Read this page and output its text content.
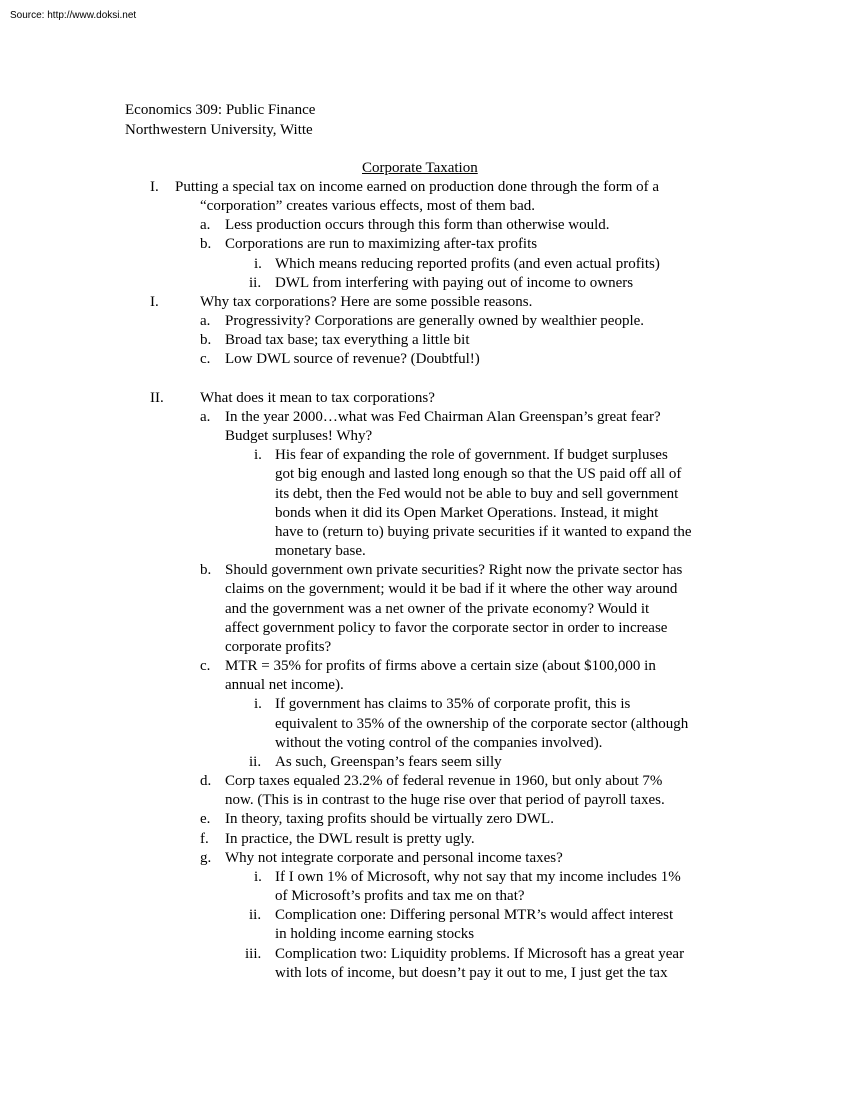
Source: http://www.doksi.net
Economics 309: Public Finance
Northwestern University, Witte
Corporate Taxation
I. Putting a special tax on income earned on production done through the form of a
“corporation” creates various effects, most of them bad.
a. Less production occurs through this form than otherwise would.
b. Corporations are run to maximizing after-tax profits
i. Which means reducing reported profits (and even actual profits)
ii. DWL from interfering with paying out of income to owners
I.	Why tax corporations? Here are some possible reasons.
a. Progressivity? Corporations are generally owned by wealthier people.
b. Broad tax base; tax everything a little bit
c. Low DWL source of revenue? (Doubtful!)
II. What does it mean to tax corporations?
a. In the year 2000…what was Fed Chairman Alan Greenspan’s great fear?
Budget surpluses! Why?
i. His fear of expanding the role of government. If budget surpluses
got big enough and lasted long enough so that the US paid off all of
its debt, then the Fed would not be able to buy and sell government
bonds when it did its Open Market Operations. Instead, it might
have to (return to) buying private securities if it wanted to expand the
monetary base.
b. Should government own private securities? Right now the private sector has
claims on the government; would it be bad if it where the other way around
and the government was a net owner of the private economy? Would it
affect government policy to favor the corporate sector in order to increase
corporate profits?
c. MTR = 35% for profits of firms above a certain size (about $100,000 in
annual net income).
i. If government has claims to 35% of corporate profit, this is
equivalent to 35% of the ownership of the corporate sector (although
without the voting control of the companies involved).
ii. As such, Greenspan’s fears seem silly
d. Corp taxes equaled 23.2% of federal revenue in 1960, but only about 7%
now. (This is in contrast to the huge rise over that period of payroll taxes.
e. In theory, taxing profits should be virtually zero DWL.
f. In practice, the DWL result is pretty ugly.
g. Why not integrate corporate and personal income taxes?
i. If I own 1% of Microsoft, why not say that my income includes 1%
of Microsoft’s profits and tax me on that?
ii. Complication one: Differing personal MTR’s would affect interest
in holding income earning stocks
iii. Complication two: Liquidity problems. If Microsoft has a great year
with lots of income, but doesn’t pay it out to me, I just get the tax
